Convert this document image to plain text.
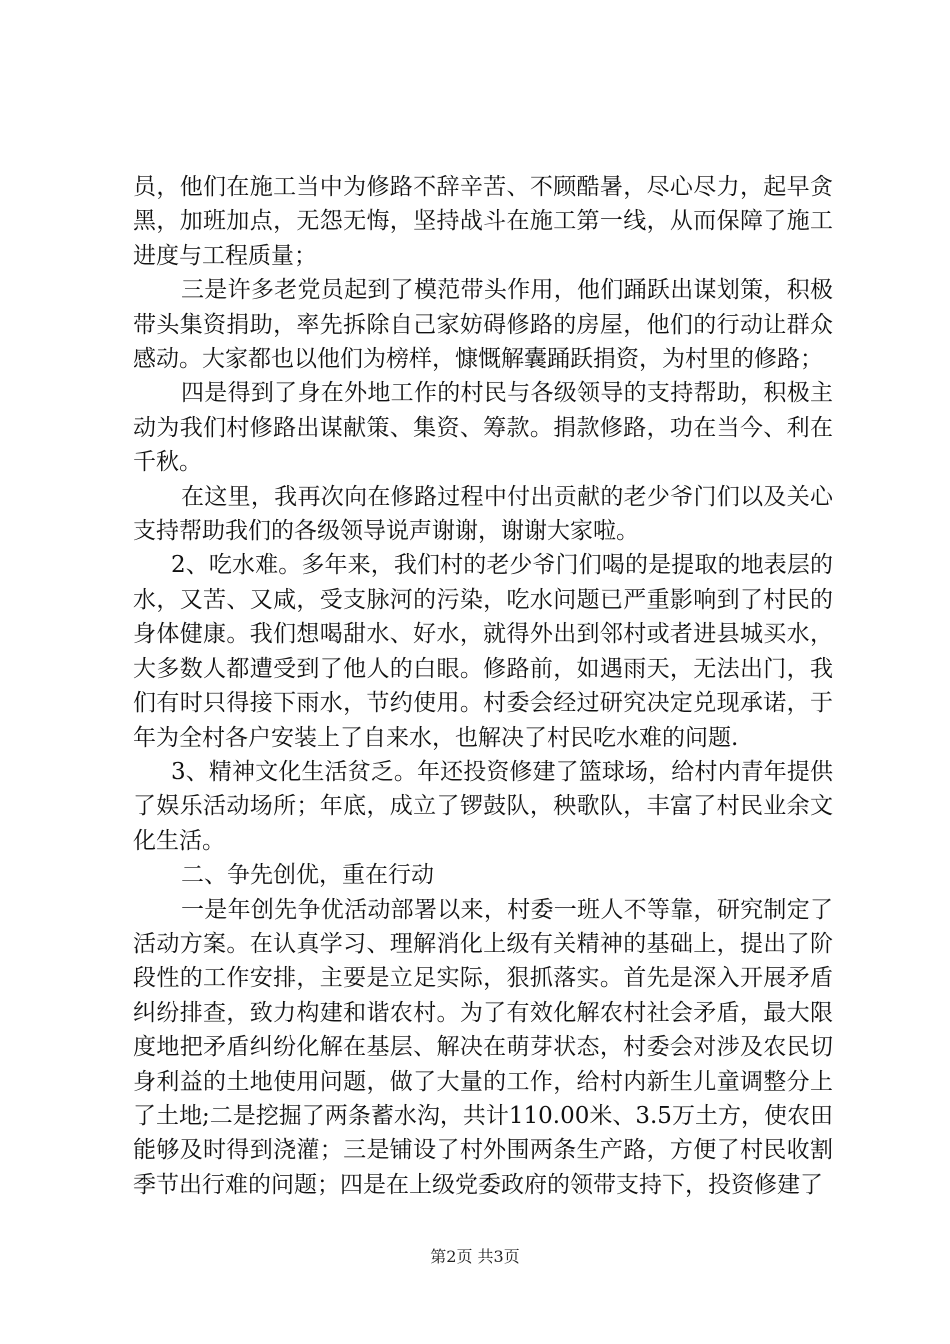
员，他们在施工当中为修路不辞辛苦、不顾酷暑，尽心尽力，起早贪黑，加班加点，无怨无悔，坚持战斗在施工第一线，从而保障了施工进度与工程质量；

三是许多老党员起到了模范带头作用，他们踊跃出谋划策，积极带头集资捐助，率先拆除自己家妨碍修路的房屋，他们的行动让群众感动。大家都也以他们为榜样，慷慨解囊踊跃捐资，为村里的修路；

四是得到了身在外地工作的村民与各级领导的支持帮助，积极主动为我们村修路出谋献策、集资、筹款。捐款修路，功在当今、利在千秋。

在这里，我再次向在修路过程中付出贡献的老少爷门们以及关心支持帮助我们的各级领导说声谢谢，谢谢大家啦。

2、吃水难。多年来，我们村的老少爷门们喝的是提取的地表层的水，又苦、又咸，受支脉河的污染，吃水问题已严重影响到了村民的身体健康。我们想喝甜水、好水，就得外出到邻村或者进县城买水，大多数人都遭受到了他人的白眼。修路前，如遇雨天，无法出门，我们有时只得接下雨水，节约使用。村委会经过研究决定兑现承诺，于年为全村各户安装上了自来水，也解决了村民吃水难的问题.

3、精神文化生活贫乏。年还投资修建了篮球场，给村内青年提供了娱乐活动场所；年底，成立了锣鼓队，秧歌队，丰富了村民业余文化生活。

二、争先创优，重在行动

一是年创先争优活动部署以来，村委一班人不等靠，研究制定了活动方案。在认真学习、理解消化上级有关精神的基础上，提出了阶段性的工作安排，主要是立足实际，狠抓落实。首先是深入开展矛盾纠纷排查，致力构建和谐农村。为了有效化解农村社会矛盾，最大限度地把矛盾纠纷化解在基层、解决在萌芽状态，村委会对涉及农民切身利益的土地使用问题，做了大量的工作，给村内新生儿童调整分上了土地;二是挖掘了两条蓄水沟，共计110.00米、3.5万土方，使农田能够及时得到浇灌；三是铺设了村外围两条生产路，方便了村民收割季节出行难的问题；四是在上级党委政府的领带支持下，投资修建了

第2页 共3页
